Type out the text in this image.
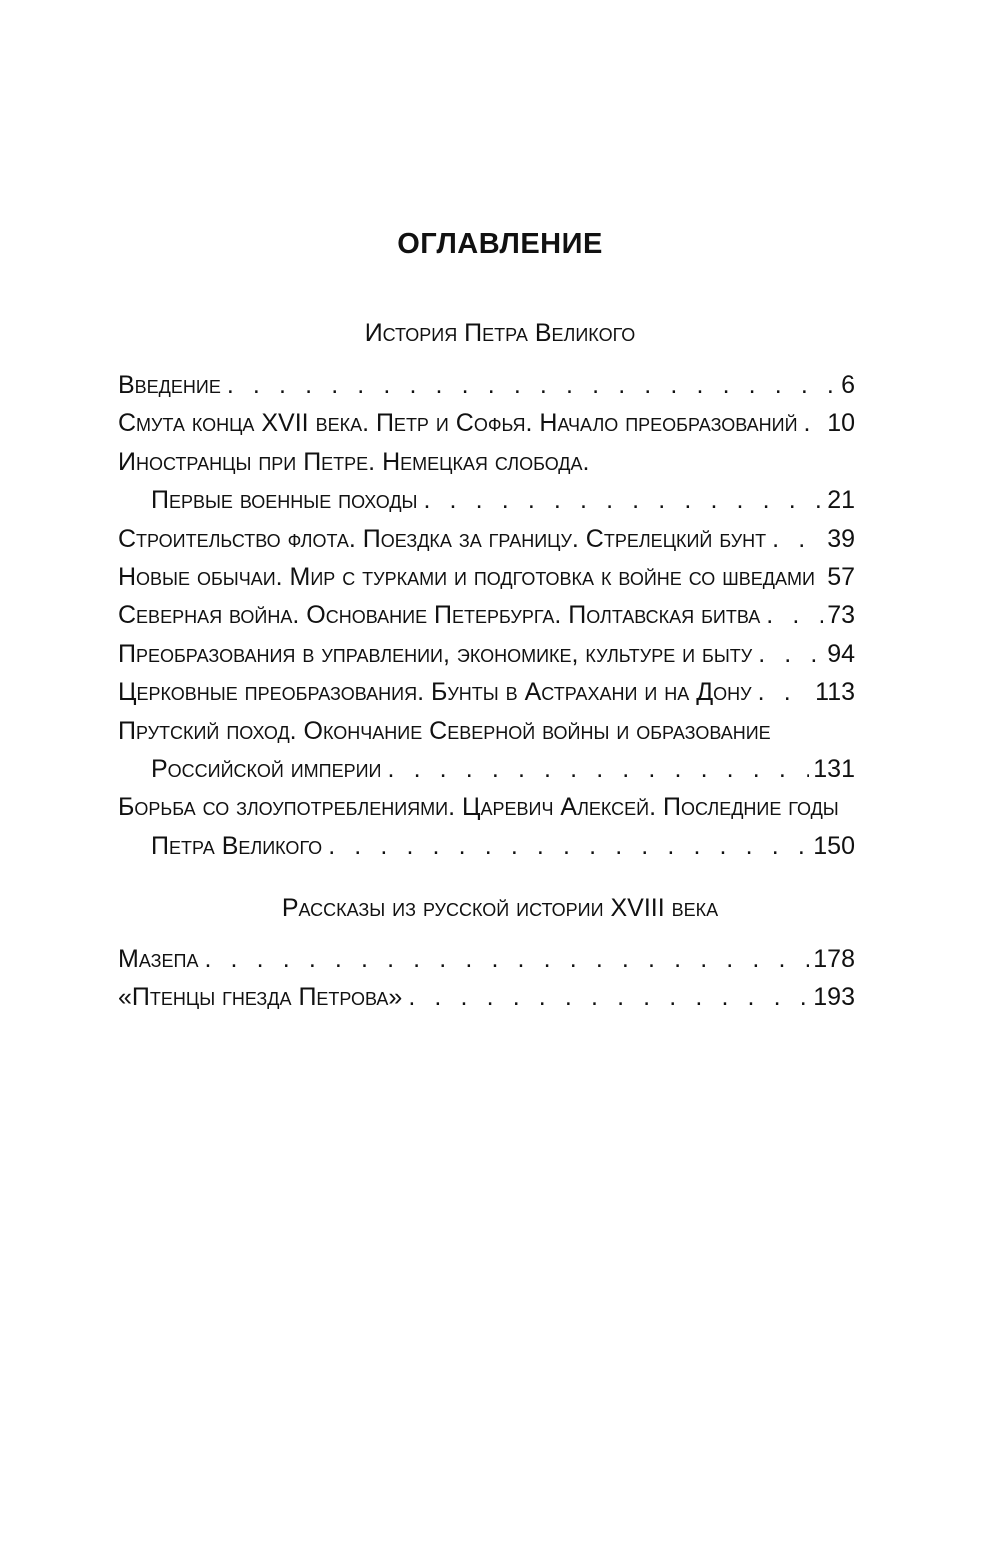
ОГЛАВЛЕНИЕ
История Петра Великого
Введение . . .	6
Смута конца XVII века. Петр и Софья. Начало преобразований . . . 10
Иностранцы при Петре. Немецкая слобода.
Первые военные походы . . .	21
Строительство флота. Поездка за границу. Стрелецкий бунт . . . 39
Новые обычаи. Мир с турками и подготовка к войне со шведами . . . 57
Северная война. Основание Петербурга. Полтавская битва . . .	73
Преобразования в управлении, экономике, культуре и быту . . .	94
Церковные преобразования. Бунты в Астрахани и на Дону . . .	113
Прутский поход. Окончание Северной войны и образование
Российской империи . . .	131
Борьба со злоупотреблениями. Царевич Алексей. Последние годы
Петра Великого . . .	150
Рассказы из русской истории XVIII века
Мазепа . . .	178
«Птенцы гнезда Петрова» . . .	193
